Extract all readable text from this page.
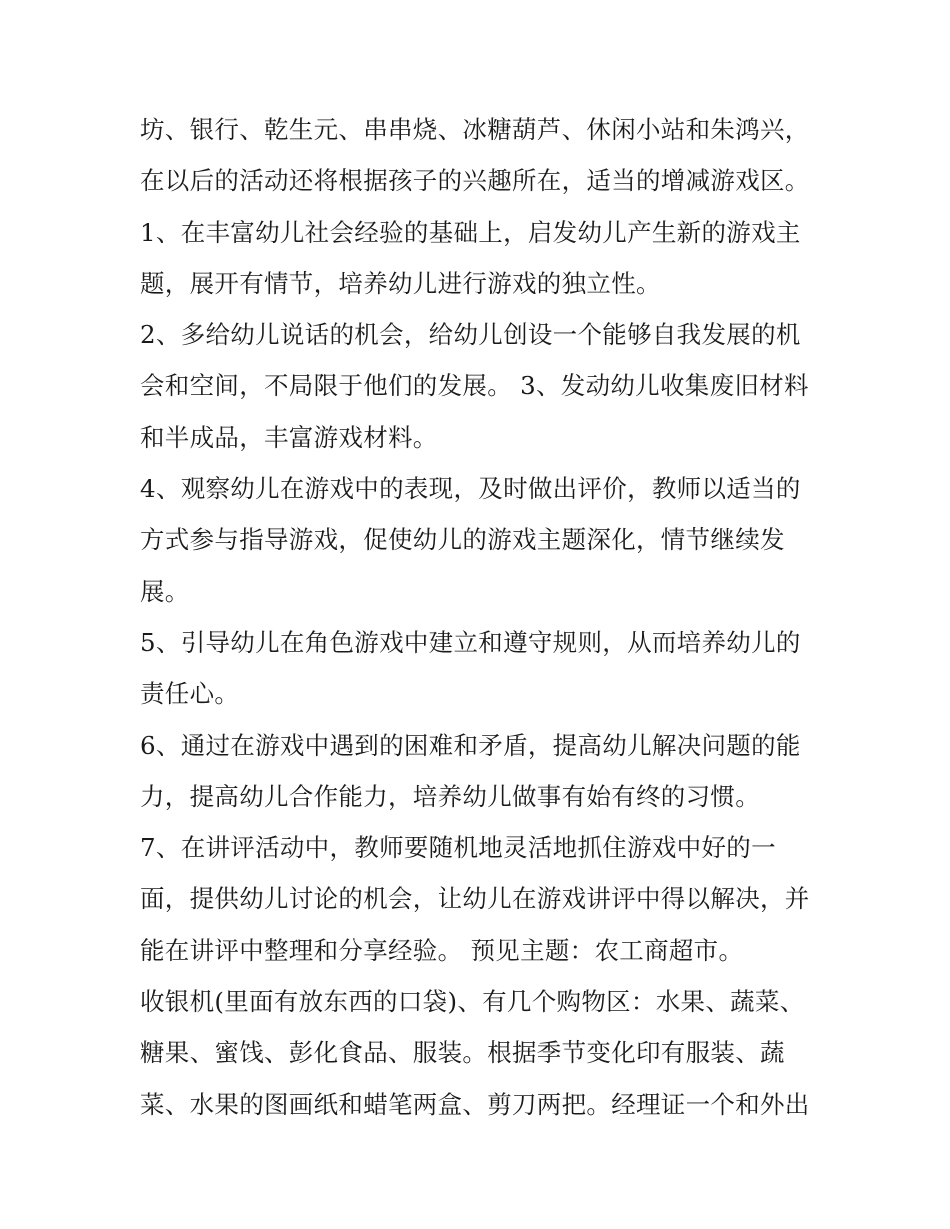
坊、银行、乾生元、串串烧、冰糖葫芦、休闲小站和朱鸿兴，
在以后的活动还将根据孩子的兴趣所在，适当的增减游戏区。
1、在丰富幼儿社会经验的基础上，启发幼儿产生新的游戏主
题，展开有情节，培养幼儿进行游戏的独立性。
2、多给幼儿说话的机会，给幼儿创设一个能够自我发展的机
会和空间，不局限于他们的发展。 3、发动幼儿收集废旧材料
和半成品，丰富游戏材料。
4、观察幼儿在游戏中的表现，及时做出评价，教师以适当的
方式参与指导游戏，促使幼儿的游戏主题深化，情节继续发
展。
5、引导幼儿在角色游戏中建立和遵守规则，从而培养幼儿的
责任心。
6、通过在游戏中遇到的困难和矛盾，提高幼儿解决问题的能
力，提高幼儿合作能力，培养幼儿做事有始有终的习惯。
7、在讲评活动中，教师要随机地灵活地抓住游戏中好的一
面，提供幼儿讨论的机会，让幼儿在游戏讲评中得以解决，并
能在讲评中整理和分享经验。 预见主题：农工商超市。
收银机(里面有放东西的口袋)、有几个购物区：水果、蔬菜、
糖果、蜜饯、彭化食品、服装。根据季节变化印有服装、蔬
菜、水果的图画纸和蜡笔两盒、剪刀两把。经理证一个和外出
